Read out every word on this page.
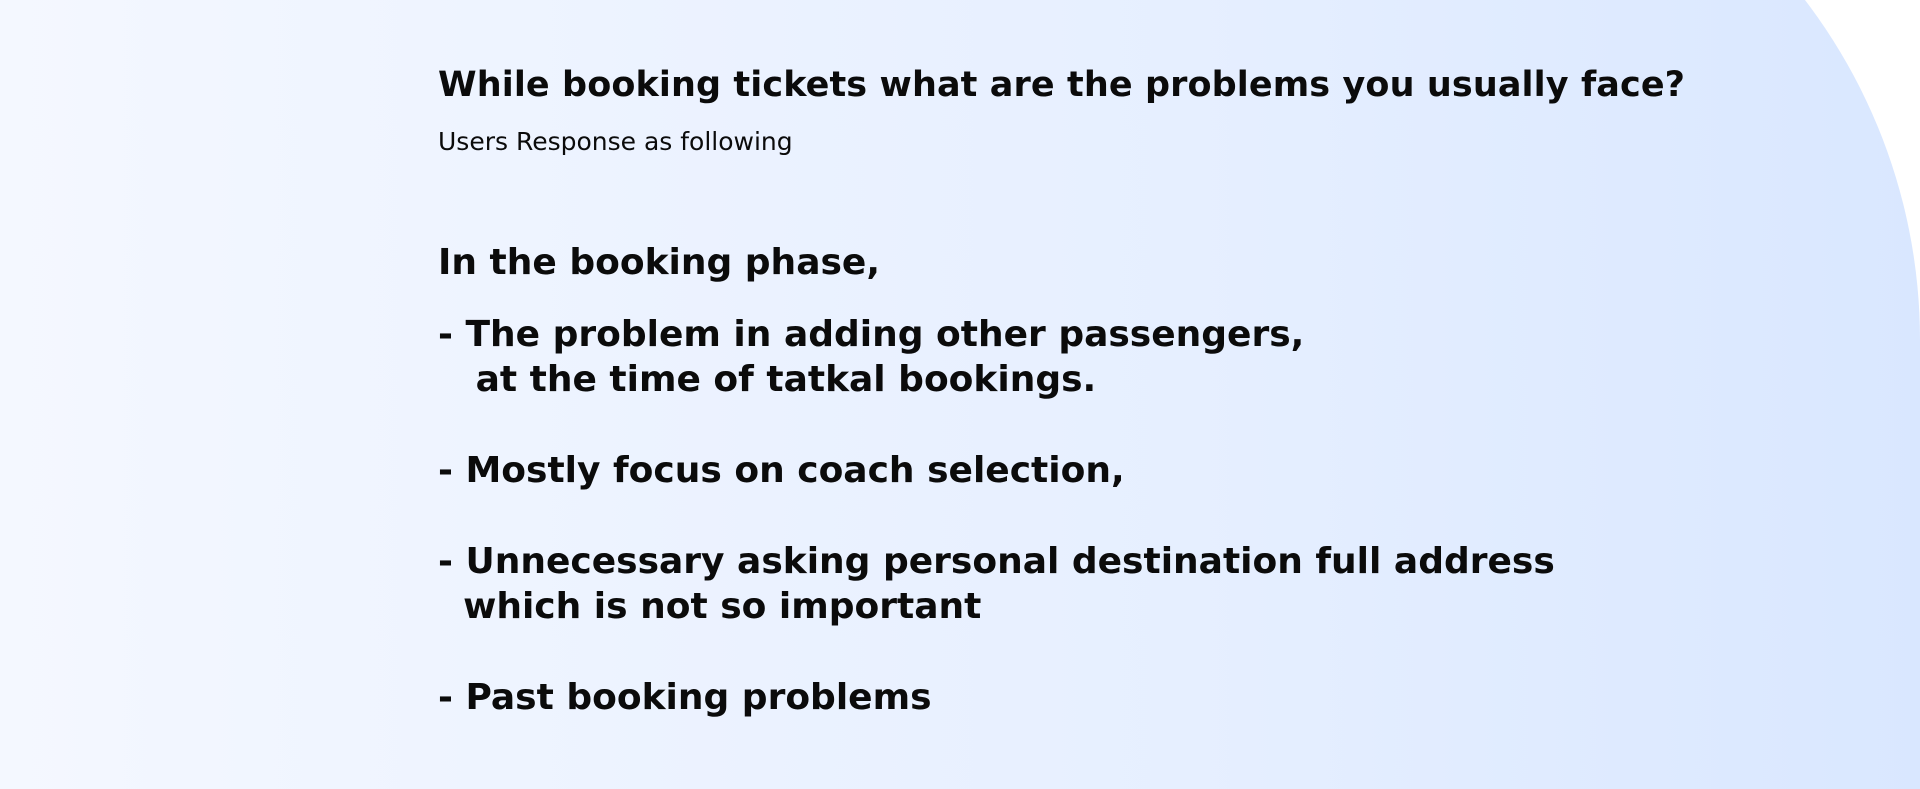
While booking tickets what are the problems you usually face?

Users Response as following

In the booking phase,
- The problem in adding other passengers,
at the time of tatkal bookings.
- Mostly focus on coach selection,
- Unnecessary asking personal destination full address
which is not so important
- Past booking problems
